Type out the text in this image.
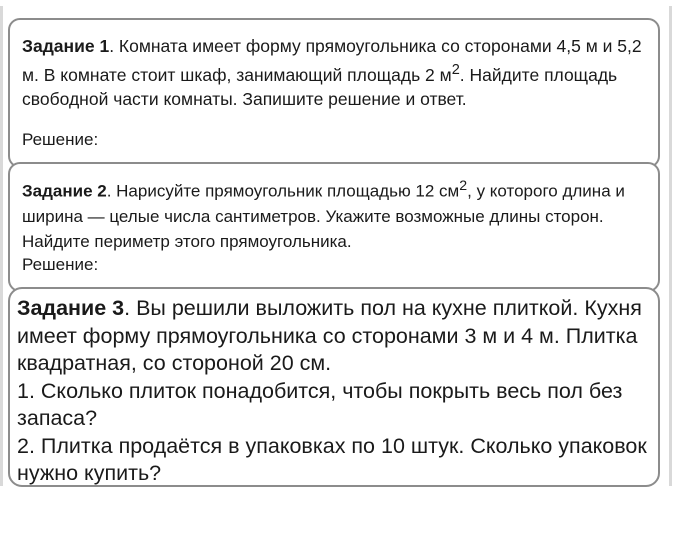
Задание 1. Комната имеет форму прямоугольника со сторонами 4,5 м и 5,2 м. В комнате стоит шкаф, занимающий площадь 2 $м^2$. Найдите площадь свободной части комнаты. Запишите решение и ответ.

Решение:

Задание 2. Нарисуйте прямоугольник площадью 12 $см^2$, у которого длина и ширина — целые числа сантиметров. Укажите возможные длины сторон. Найдите периметр этого прямоугольника.

Решение:

Задание 3. Вы решили выложить пол на кухне плиткой. Кухня имеет форму прямоугольника со сторонами 3 м и 4 м. Плитка квадратная, со стороной 20 см.
1. Сколько плиток понадобится, чтобы покрыть весь пол без запаса?
2. Плитка продаётся в упаковках по 10 штук. Сколько упаковок нужно купить?
